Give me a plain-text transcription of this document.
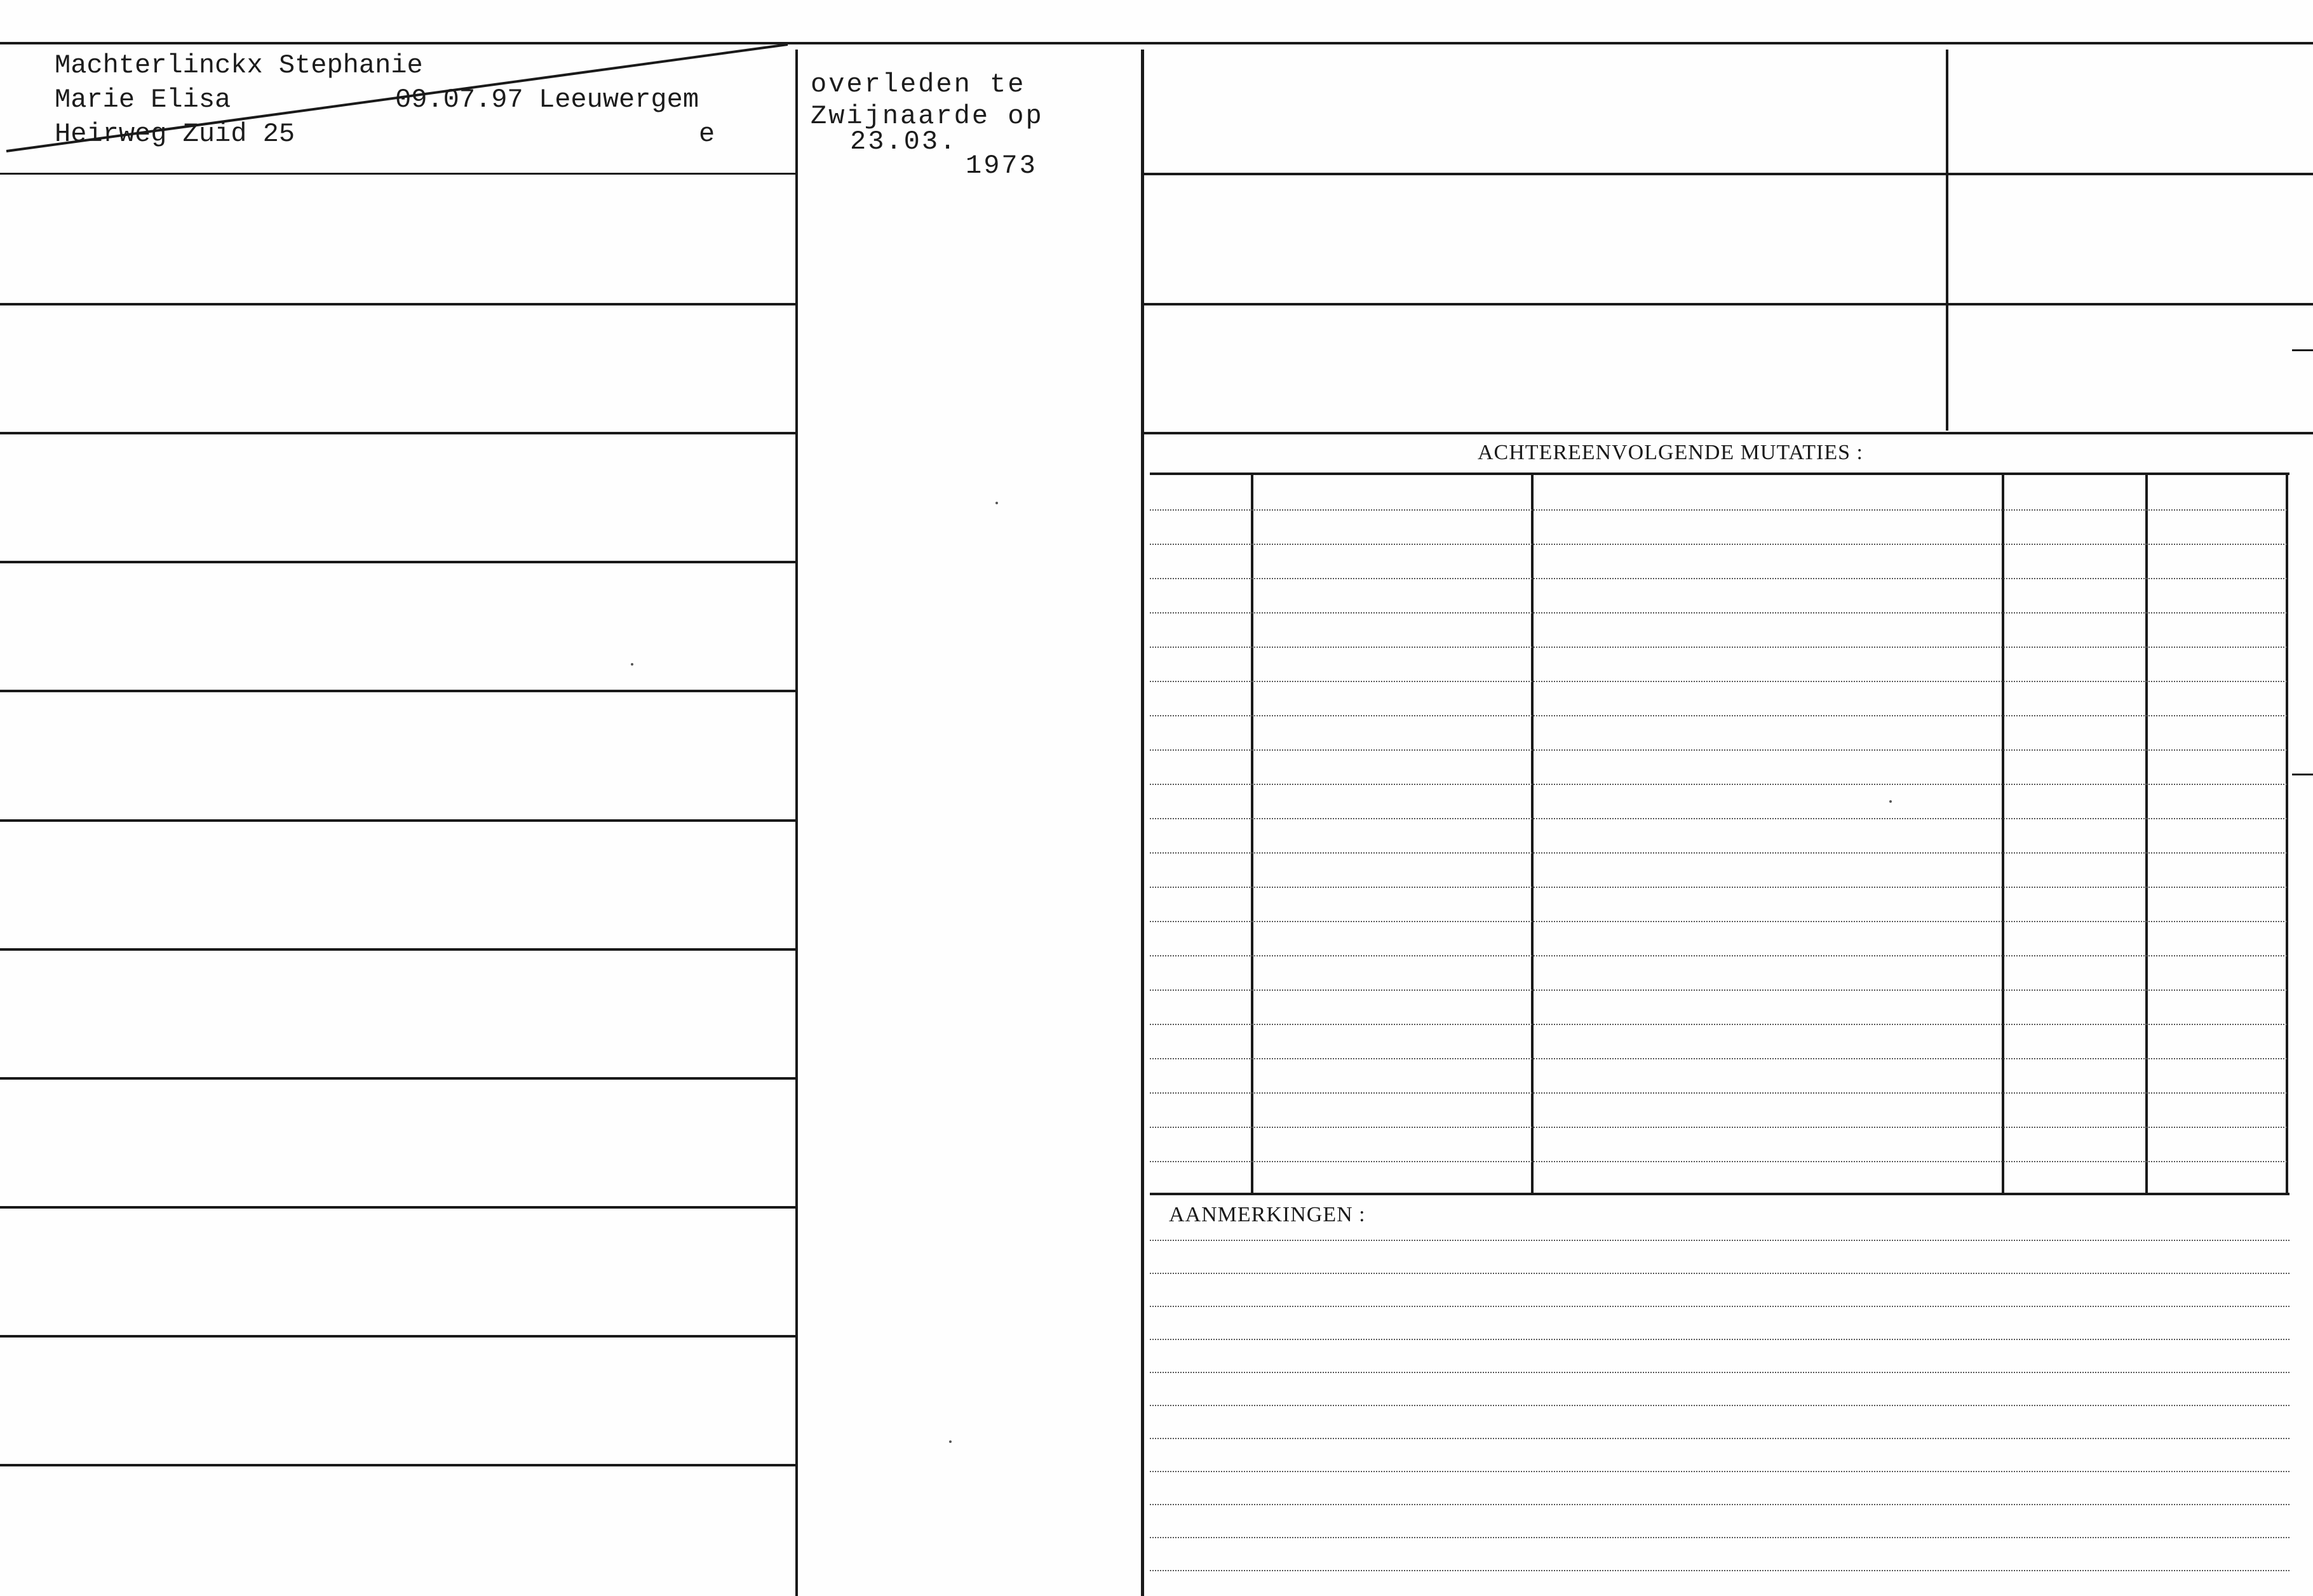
ACHTEREENVOLGENDE MUTATIES :
AANMERKINGEN :
Machterlinckx Stephanie
Marie Elisa	09.07.97 Leeuwergem
Heirweg Zuid 25	e
overleden te
Zwijnaarde op
23.03.
1973
